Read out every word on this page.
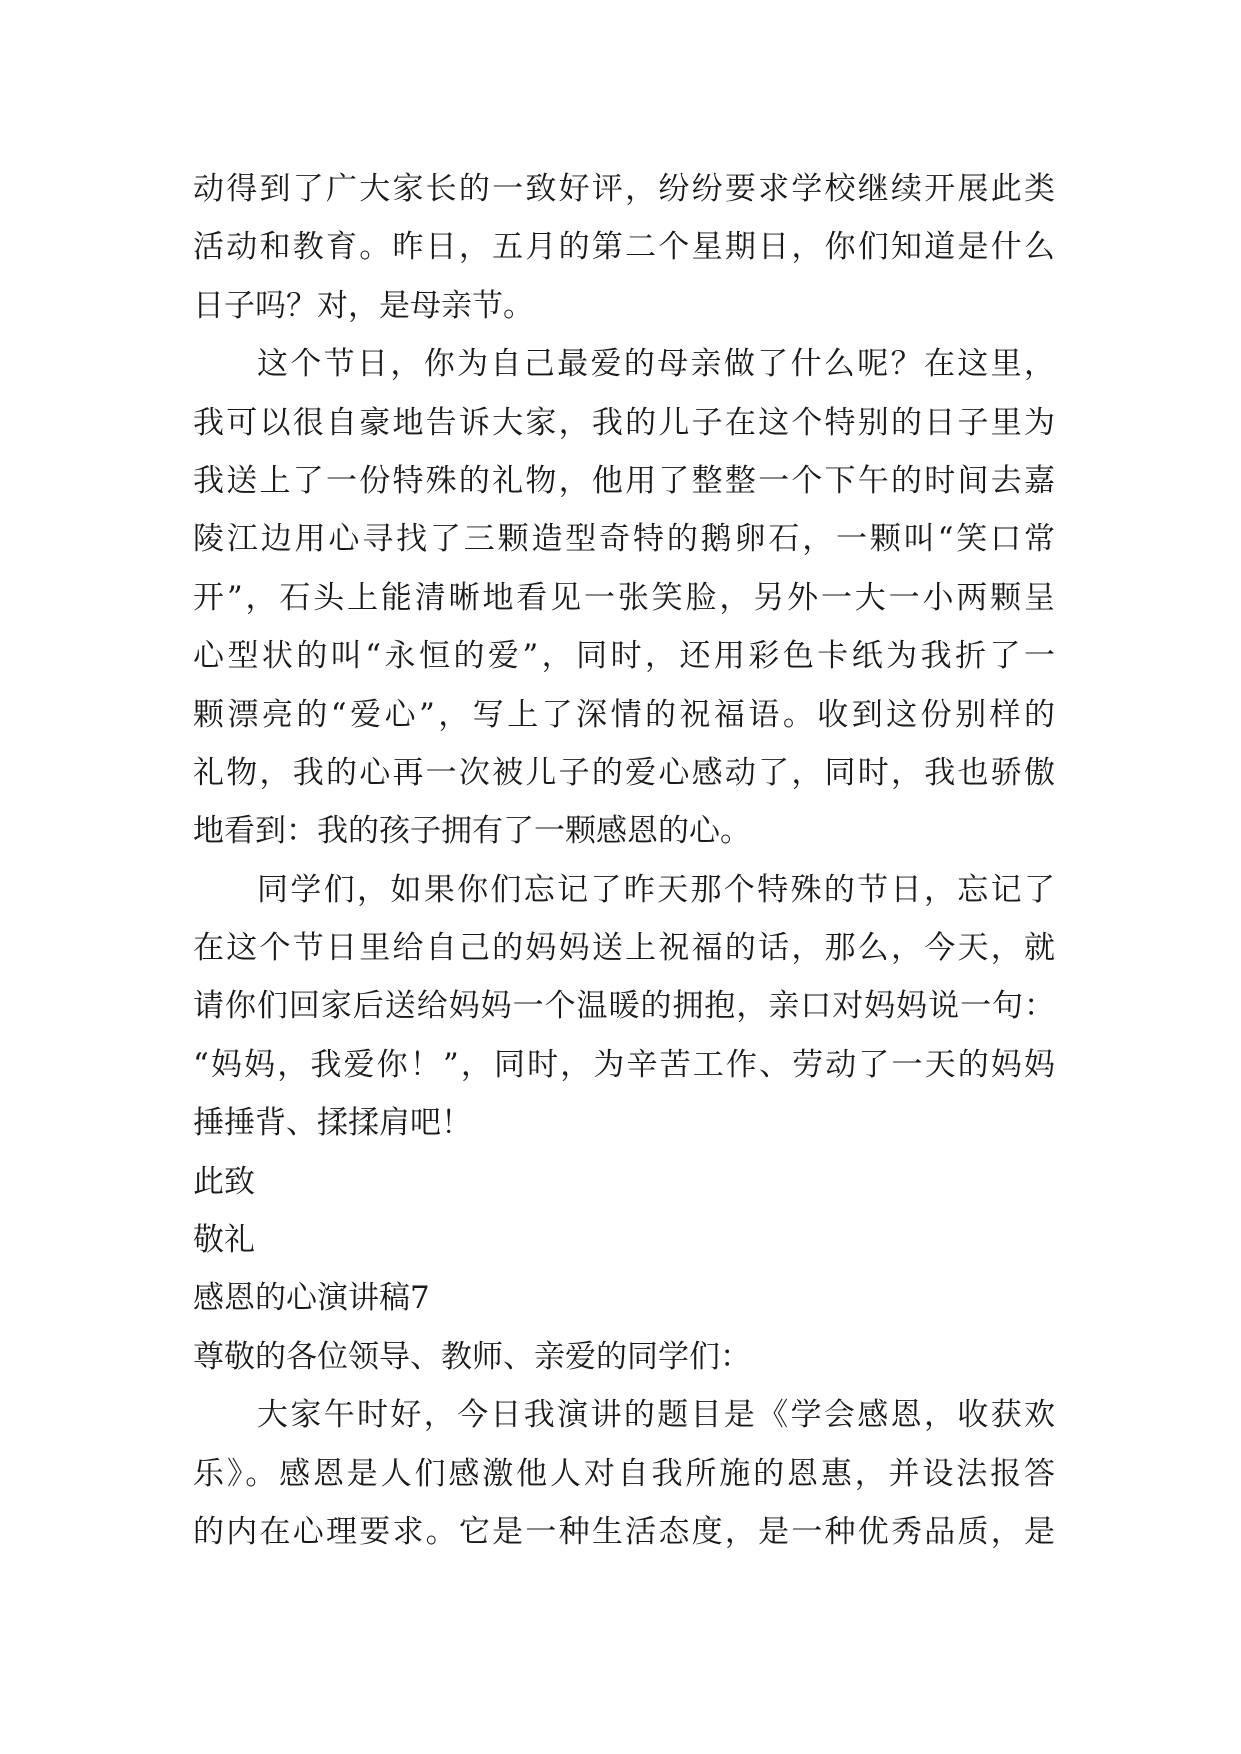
动得到了广大家长的一致好评，纷纷要求学校继续开展此类
活动和教育。昨日，五月的第二个星期日，你们知道是什么
日子吗？对，是母亲节。
这个节日，你为自己最爱的母亲做了什么呢？在这里，
我可以很自豪地告诉大家，我的儿子在这个特别的日子里为
我送上了一份特殊的礼物，他用了整整一个下午的时间去嘉
陵江边用心寻找了三颗造型奇特的鹅卵石，一颗叫“笑口常
开”，石头上能清晰地看见一张笑脸，另外一大一小两颗呈
心型状的叫“永恒的爱”，同时，还用彩色卡纸为我折了一
颗漂亮的“爱心”，写上了深情的祝福语。收到这份别样的
礼物，我的心再一次被儿子的爱心感动了，同时，我也骄傲
地看到：我的孩子拥有了一颗感恩的心。
同学们，如果你们忘记了昨天那个特殊的节日，忘记了
在这个节日里给自己的妈妈送上祝福的话，那么，今天，就
请你们回家后送给妈妈一个温暖的拥抱，亲口对妈妈说一句：
“妈妈，我爱你！”，同时，为辛苦工作、劳动了一天的妈妈
捶捶背、揉揉肩吧！
此致
敬礼
感恩的心演讲稿7
尊敬的各位领导、教师、亲爱的同学们：
大家午时好，今日我演讲的题目是《学会感恩，收获欢
乐》。感恩是人们感激他人对自我所施的恩惠，并设法报答
的内在心理要求。它是一种生活态度，是一种优秀品质，是
